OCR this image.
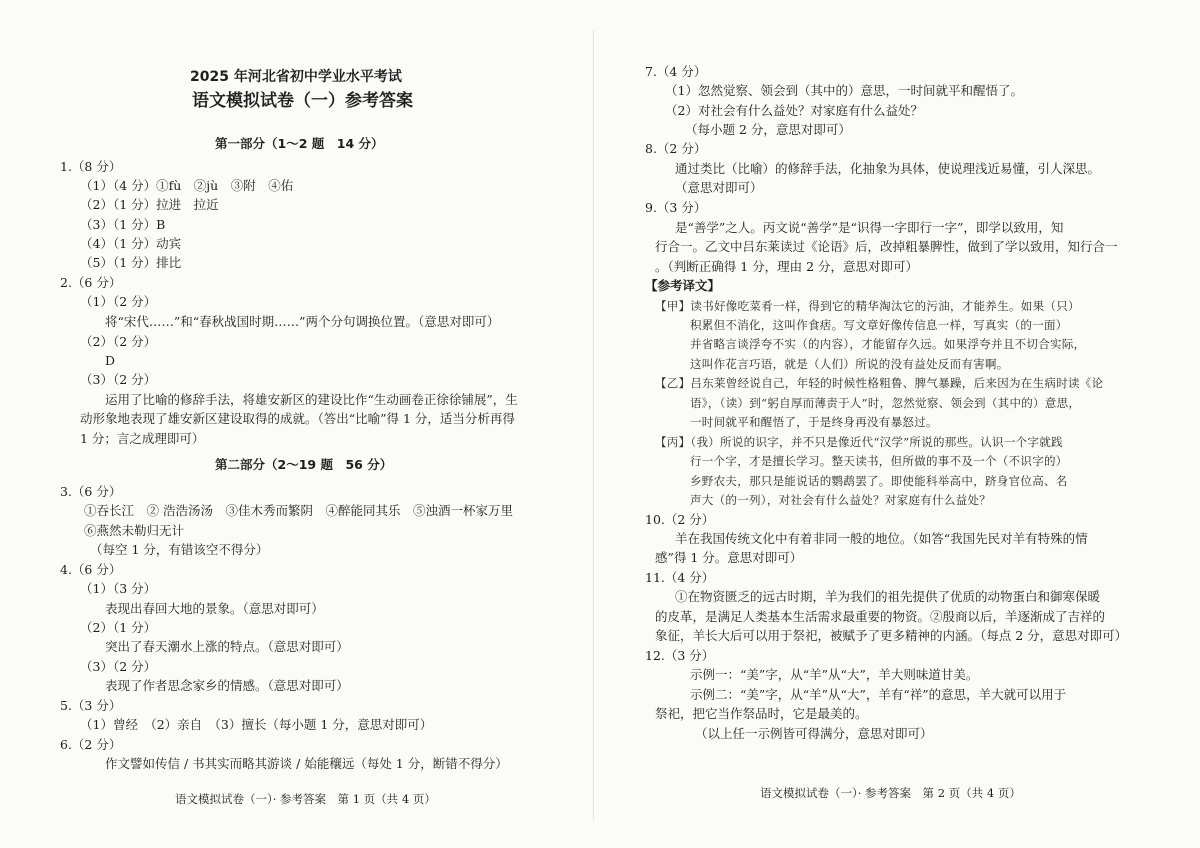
2025 年河北省初中学业水平考试
语文模拟试卷（一）参考答案
第一部分（1～2 题　14 分）
1.（8 分）
（1）（4 分）①fù　②jù　③附　④佑
（2）（1 分）拉进　拉近
（3）（1 分）B
（4）（1 分）动宾
（5）（1 分）排比
2.（6 分）
（1）（2 分）
将“宋代……”和“春秋战国时期……”两个分句调换位置。（意思对即可）
（2）（2 分）
D
（3）（2 分）
运用了比喻的修辞手法，将雄安新区的建设比作“生动画卷正徐徐铺展”，生
动形象地表现了雄安新区建设取得的成就。（答出“比喻”得 1 分，适当分析再得
1 分；言之成理即可）
第二部分（2～19 题　56 分）
3.（6 分）
①吞长江　② 浩浩汤汤　③佳木秀而繁阴　④醉能同其乐　⑤浊酒一杯家万里
⑥燕然未勒归无计
（每空 1 分，有错该空不得分）
4.（6 分）
（1）（3 分）
表现出春回大地的景象。（意思对即可）
（2）（1 分）
突出了春天潮水上涨的特点。（意思对即可）
（3）（2 分）
表现了作者思念家乡的情感。（意思对即可）
5.（3 分）
（1）曾经　（2）亲自　（3）擅长（每小题 1 分，意思对即可）
6.（2 分）
作文譬如传信 / 书其实而略其游谈 / 始能穰远（每处 1 分，断错不得分）
语文模拟试卷（一）· 参考答案　第 1 页（共 4 页）
7.（4 分）
（1）忽然觉察、领会到（其中的）意思，一时间就平和醒悟了。
（2）对社会有什么益处？对家庭有什么益处？
（每小题 2 分，意思对即可）
8.（2 分）
通过类比（比喻）的修辞手法，化抽象为具体，使说理浅近易懂，引人深思。
（意思对即可）
9.（3 分）
是“善学”之人。丙文说“善学”是“识得一字即行一字”，即学以致用，知
行合一。乙文中吕东莱读过《论语》后，改掉粗暴脾性，做到了学以致用，知行合一
。（判断正确得 1 分，理由 2 分，意思对即可）
【参考译文】
【甲】读书好像吃菜肴一样，得到它的精华淘汰它的污油，才能养生。如果（只）
积累但不消化，这叫作食痞。写文章好像传信息一样，写真实（的一面）
并省略言谈浮夸不实（的内容），才能留存久远。如果浮夸并且不切合实际，
这叫作花言巧语，就是（人们）所说的没有益处反而有害啊。
【乙】吕东莱曾经说自己，年轻的时候性格粗鲁、脾气暴躁，后来因为在生病时读《论
语》，（读）到“躬自厚而薄责于人”时，忽然觉察、领会到（其中的）意思，
一时间就平和醒悟了，于是终身再没有暴怒过。
【丙】（我）所说的识字，并不只是像近代“汉学”所说的那些。认识一个字就践
行一个字，才是擅长学习。整天读书，但所做的事不及一个（不识字的）
乡野农夫，那只是能说话的鹦鹉罢了。即使能科举高中，跻身官位高、名
声大（的一列），对社会有什么益处？对家庭有什么益处？
10.（2 分）
羊在我国传统文化中有着非同一般的地位。（如答“我国先民对羊有特殊的情
感”得 1 分。意思对即可）
11.（4 分）
①在物资匮乏的远古时期，羊为我们的祖先提供了优质的动物蛋白和御寒保暖
的皮革，是满足人类基本生活需求最重要的物资。②殷商以后，羊逐渐成了吉祥的
象征，羊长大后可以用于祭祀，被赋予了更多精神的内涵。（每点 2 分，意思对即可）
12.（3 分）
示例一：“美”字，从“羊”从“大”，羊大则味道甘美。
示例二：“美”字，从“羊”从“大”，羊有“祥”的意思，羊大就可以用于
祭祀，把它当作祭品时，它是最美的。
（以上任一示例皆可得满分，意思对即可）
语文模拟试卷（一）· 参考答案　第 2 页（共 4 页）
